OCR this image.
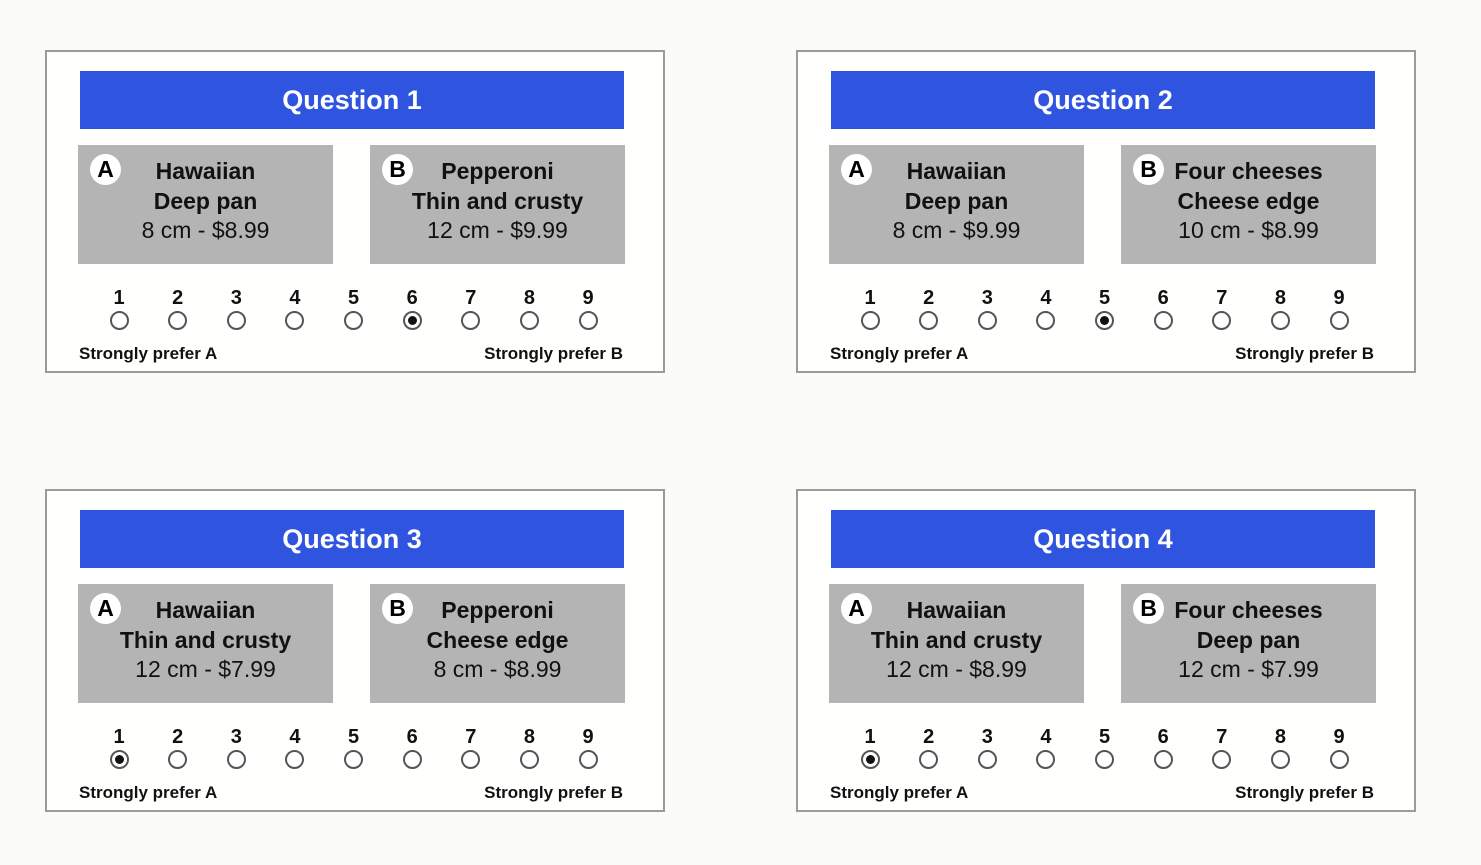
Question 1
A	Hawaiian
Deep pan
8 cm - $8.99
B	Pepperoni
Thin and crusty
12 cm - $9.99
1	2	3	4	5	6	7	8	9
Strongly prefer A	Strongly prefer B
Question 2
A	Hawaiian
Deep pan
8 cm - $9.99
B Four cheeses
Cheese edge
10 cm - $8.99
1	2	3	4	5	6	7	8	9
Strongly prefer A	Strongly prefer B
Question 3
A	Hawaiian
Thin and crusty
12 cm - $7.99
B	Pepperoni
Cheese edge
8 cm - $8.99
1	2	3	4	5	6	7	8	9
Strongly prefer A	Strongly prefer B
Question 4
A	Hawaiian
Thin and crusty
12 cm - $8.99
B Four cheeses
Deep pan
12 cm - $7.99
1	2	3	4	5	6	7	8	9
Strongly prefer A	Strongly prefer B
